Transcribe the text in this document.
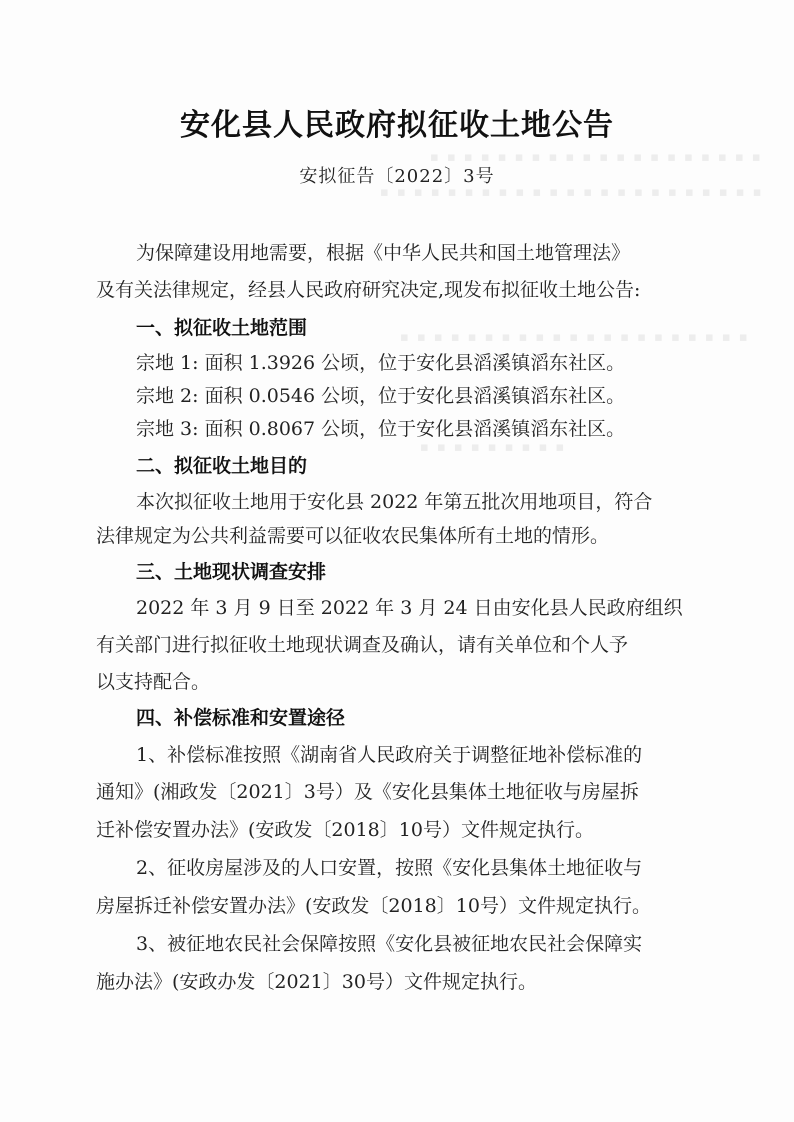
▪ ▪ ▪ ▪ ▪ ▪ ▪ ▪ ▪ ▪ ▪ ▪ ▪ ▪ ▪ ▪ ▪ ▪ ▪ ▪
▪ ▪ ▪ ▪ ▪ ▪ ▪ ▪ ▪ ▪ ▪ ▪ ▪ ▪ ▪ ▪ ▪ ▪ ▪ ▪ ▪ ▪ ▪
▪ ▪ ▪ ▪ ▪ ▪ ▪ ▪ ▪ ▪ ▪ ▪ ▪ ▪ ▪ ▪ ▪ ▪ ▪ ▪ ▪
▪ ▪ ▪ ▪ ▪ ▪ ▪ ▪ ▪
安化县人民政府拟征收土地公告
安拟征告〔2022〕3号
为保障建设用地需要，根据《中华人民共和国土地管理法》
及有关法律规定，经县人民政府研究决定,现发布拟征收土地公告:
一、拟征收土地范围
宗地 1: 面积 1.3926 公顷，位于安化县滔溪镇滔东社区。
宗地 2: 面积 0.0546 公顷，位于安化县滔溪镇滔东社区。
宗地 3: 面积 0.8067 公顷，位于安化县滔溪镇滔东社区。
二、拟征收土地目的
本次拟征收土地用于安化县 2022 年第五批次用地项目，符合
法律规定为公共利益需要可以征收农民集体所有土地的情形。
三、土地现状调查安排
2022 年 3 月 9 日至 2022 年 3 月 24 日由安化县人民政府组织
有关部门进行拟征收土地现状调查及确认，请有关单位和个人予
以支持配合。
四、补偿标准和安置途径
1、补偿标准按照《湖南省人民政府关于调整征地补偿标准的
通知》(湘政发〔2021〕3号）及《安化县集体土地征收与房屋拆
迁补偿安置办法》(安政发〔2018〕10号）文件规定执行。
2、征收房屋涉及的人口安置，按照《安化县集体土地征收与
房屋拆迁补偿安置办法》(安政发〔2018〕10号）文件规定执行。
3、被征地农民社会保障按照《安化县被征地农民社会保障实
施办法》(安政办发〔2021〕30号）文件规定执行。
